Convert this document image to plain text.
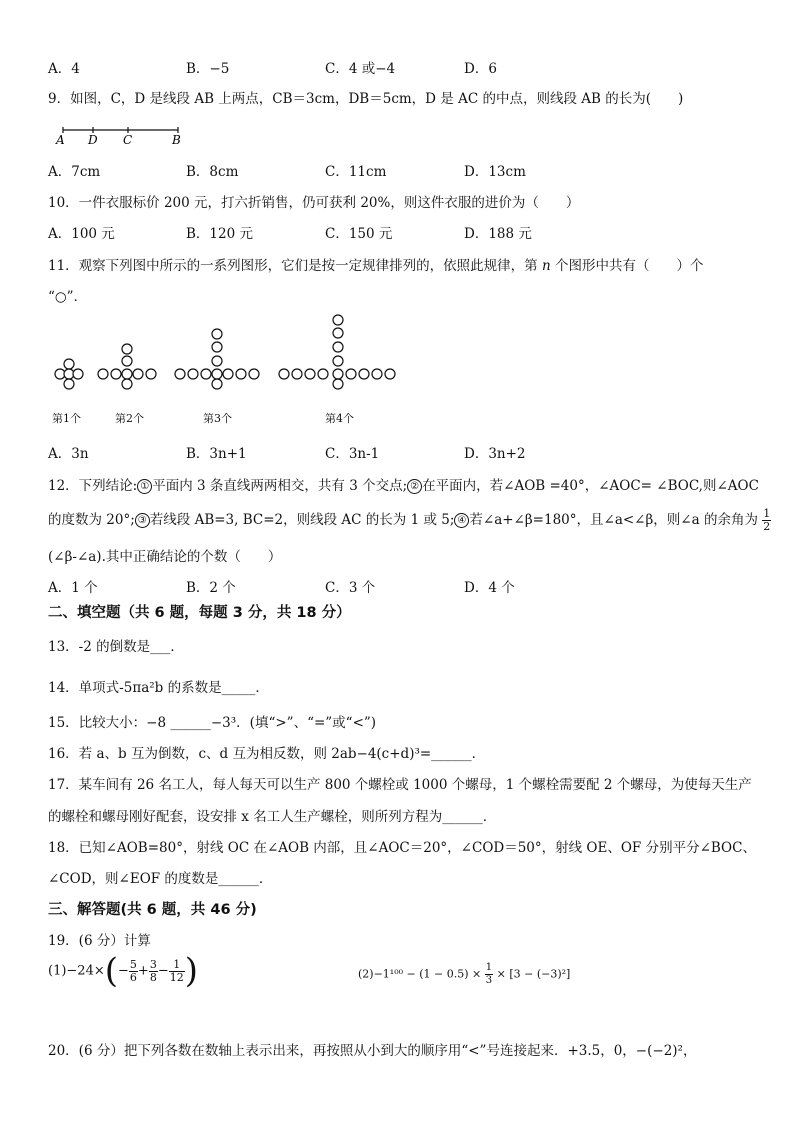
A．4	B．−5	C．4 或−4	D．6
9．如图，C，D 是线段 AB 上两点，CB＝3cm，DB＝5cm，D 是 AC 的中点，则线段 AB 的长为(　　)
A D C	B
A．7cm	B．8cm	C．11cm	D．13cm
10．一件衣服标价 200 元，打六折销售，仍可获利 20%，则这件衣服的进价为（　　）
A．100 元	B．120 元	C．150 元	D．188 元
11．观察下列图中所示的一系列图形，它们是按一定规律排列的，依照此规律，第 n 个图形中共有（　　）个
“○”．
第1个	第2个	第3个	第4个
A．3n	B．3n+1	C．3n-1	D．3n+2
12．下列结论: ① 平面内 3 条直线两两相交，共有 3 个交点; ② 在平面内，若∠AOB =40°，∠AOC= ∠BOC,则∠AOC
的度数为 20°; ③ 若线段 AB=3, BC=2，则线段 AC 的长为 1 或 5; ④ 若∠a+∠β=180°，且∠a<∠β，则∠a 的余角为 $\frac{1}{2}$
(∠β-∠a).其中正确结论的个数（　　）
A．1 个	B．2 个	C．3 个	D．4 个
二、填空题（共 6 题，每题 3 分，共 18 分）
13．-2 的倒数是___．
14．单项式-5πa²b 的系数是_____．
15．比较大小：−8 ______−3³．(填“>”、“=”或“<”)
16．若 a、b 互为倒数，c、d 互为相反数，则 2ab−4(c+d)³=______．
17．某车间有 26 名工人，每人每天可以生产 800 个螺栓或 1000 个螺母，1 个螺栓需要配 2 个螺母，为使每天生产
的螺栓和螺母刚好配套，设安排 x 名工人生产螺栓，则所列方程为______．
18．已知∠AOB=80°，射线 OC 在∠AOB 内部，且∠AOC＝20°，∠COD＝50°，射线 OE、OF 分别平分∠BOC、
∠COD，则∠EOF 的度数是______．
三、解答题(共 6 题，共 46 分)
19．(6 分）计算
$(1)-24\times(- \frac{5}{6} + \frac{3}{8} - \frac{1}{12}$ )	$(2)-1^{100} - (1 - 0.5) \times \frac{1}{3} \times [3 - (-3)^2]$
20．(6 分）把下列各数在数轴上表示出来，再按照从小到大的顺序用“<”号连接起来．+3.5，0，−(−2)²，
